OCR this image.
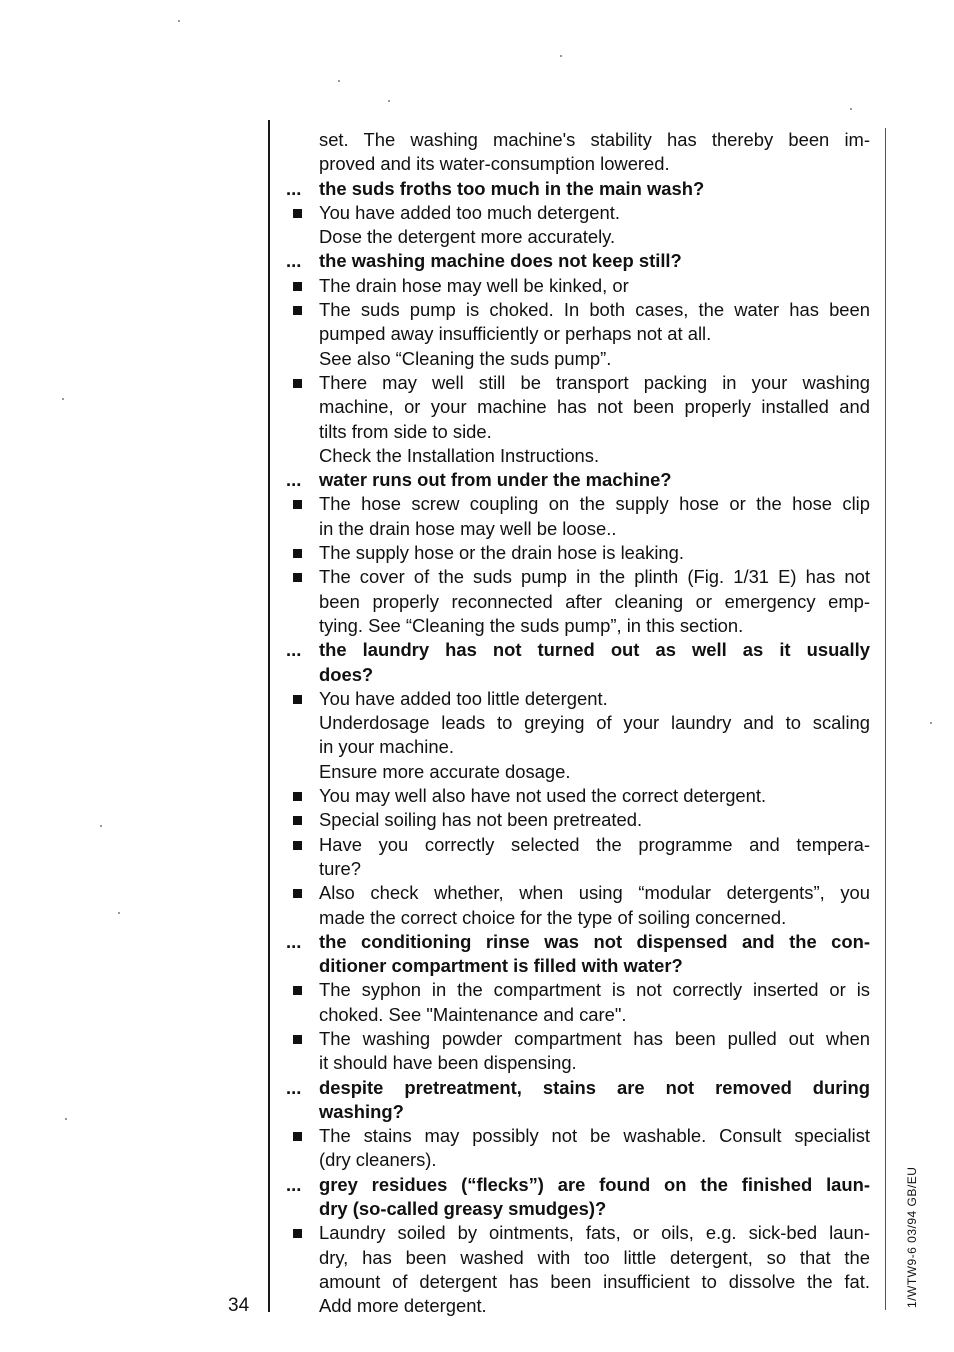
set. The washing machine's stability has thereby been im-
proved and its water-consumption lowered.
... the suds froths too much in the main wash?
You have added too much detergent.
Dose the detergent more accurately.
... the washing machine does not keep still?
The drain hose may well be kinked, or
The suds pump is choked. In both cases, the water has been
pumped away insufficiently or perhaps not at all.
See also “Cleaning the suds pump”.
There may well still be transport packing in your washing
machine, or your machine has not been properly installed and
tilts from side to side.
Check the Installation Instructions.
... water runs out from under the machine?
The hose screw coupling on the supply hose or the hose clip
in the drain hose may well be loose..
The supply hose or the drain hose is leaking.
The cover of the suds pump in the plinth (Fig. 1/31 E) has not
been properly reconnected after cleaning or emergency emp-
tying. See “Cleaning the suds pump”, in this section.
... the laundry has not turned out as well as it usually
does?
You have added too little detergent.
Underdosage leads to greying of your laundry and to scaling
in your machine.
Ensure more accurate dosage.
You may well also have not used the correct detergent.
Special soiling has not been pretreated.
Have you correctly selected the programme and tempera-
ture?
Also check whether, when using “modular detergents”, you
made the correct choice for the type of soiling concerned.
... the conditioning rinse was not dispensed and the con-
ditioner compartment is filled with water?
The syphon in the compartment is not correctly inserted or is
choked. See "Maintenance and care".
The washing powder compartment has been pulled out when
it should have been dispensing.
... despite pretreatment, stains are not removed during
washing?
The stains may possibly not be washable. Consult specialist
(dry cleaners).
... grey residues (“flecks”) are found on the finished laun-
dry (so-called greasy smudges)?
Laundry soiled by ointments, fats, or oils, e.g. sick-bed laun-
dry, has been washed with too little detergent, so that the
amount of detergent has been insufficient to dissolve the fat.
Add more detergent.
34	1/WTW9-6 03/94 GB/EU
